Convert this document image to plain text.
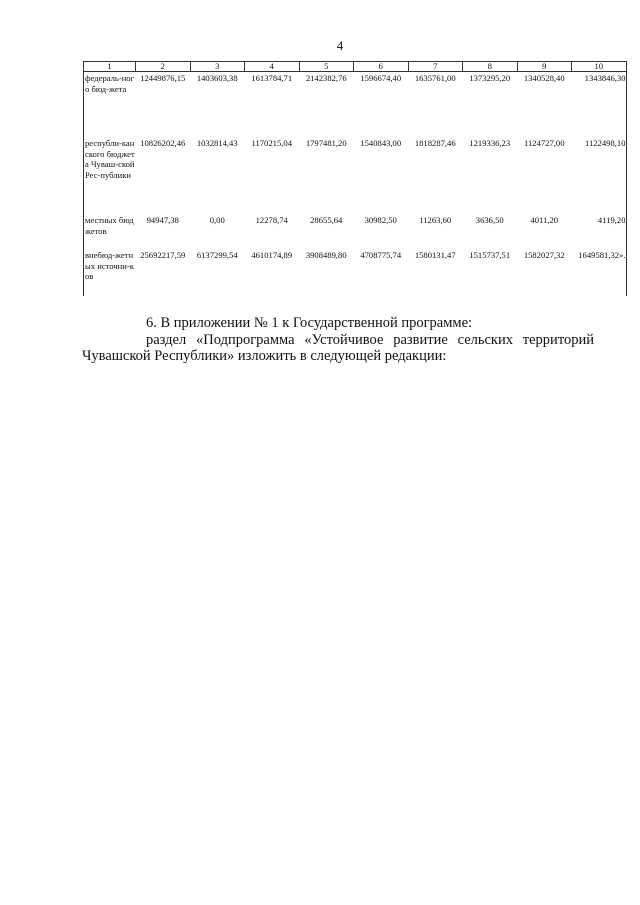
4
1	2	3	4	5	6	7	8	9	10
федераль-ного бюд-жета	12449876,15	1403603,38	1613784,71	2142382,76	1596674,40	1635761,00	1373295,20	1340528,40	1343846,30
республи-канского бюджета Чуваш-ской Рес-публики	10826202,46	1032814,43	1170215,04	1797481,20	1540843,00	1818287,46	1219336,23	1124727,00	1122498,10
местных бюджетов	94947,38	0,00	12278,74	28655,64	30982,50	11263,60	3636,50	4011,20	4119,20
внебюд-жетных источни-ков	25692217,59	6137299,54	4610174,89	3908489,80	4708775,74	1580131,47	1515737,51	1582027,32	1649581,32».

6. В приложении № 1 к Государственной программе:

раздел «Подпрограмма «Устойчивое развитие сельских территорий Чувашской Республики» изложить в следующей редакции:
